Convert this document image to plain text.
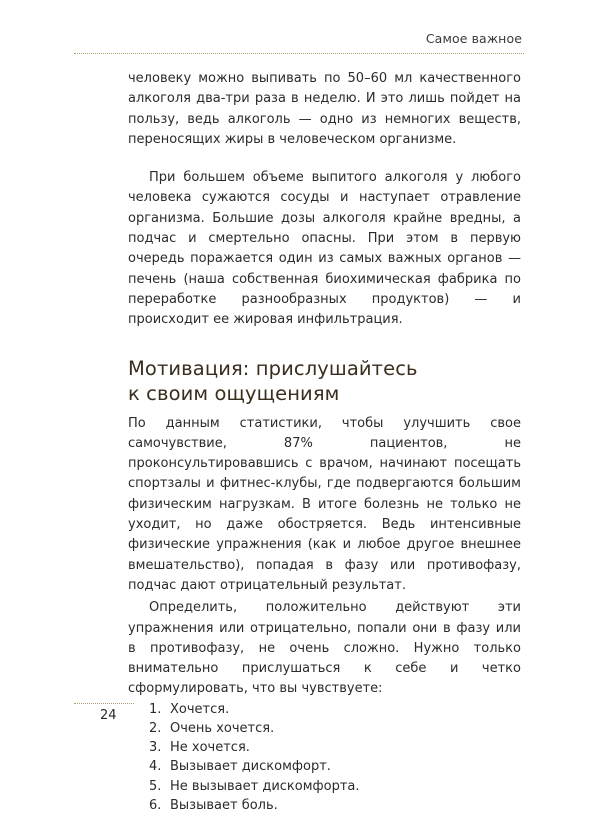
Самое важное

человеку можно выпивать по 50–60 мл качественного алкоголя два-три раза в неделю. И это лишь пойдет на пользу, ведь алкоголь — одно из немногих веществ, переносящих жиры в человеческом организме.

При большем объеме выпитого алкоголя у любого человека сужаются сосуды и наступает отравление организма. Большие дозы алкоголя крайне вредны, а подчас и смертельно опасны. При этом в первую очередь поражается один из самых важных органов — печень (наша собственная биохимическая фабрика по переработке разнообразных продуктов) — и происходит ее жировая инфильтрация.

Мотивация: прислушайтесь
к своим ощущениям

По данным статистики, чтобы улучшить свое самочувствие, 87% пациентов, не проконсультировавшись с врачом, начинают посещать спортзалы и фитнес-клубы, где подвергаются большим физическим нагрузкам. В итоге болезнь не только не уходит, но даже обостряется. Ведь интенсивные физические упражнения (как и любое другое внешнее вмешательство), попадая в фазу или противофазу, подчас дают отрицательный результат.

Определить, положительно действуют эти упражнения или отрицательно, попали они в фазу или в противофазу, не очень сложно. Нужно только внимательно прислушаться к себе и четко сформулировать, что вы чувствуете:

1. Хочется.
2. Очень хочется.
3. Не хочется.
4. Вызывает дискомфорт.
5. Не вызывает дискомфорта.
6. Вызывает боль.
24
